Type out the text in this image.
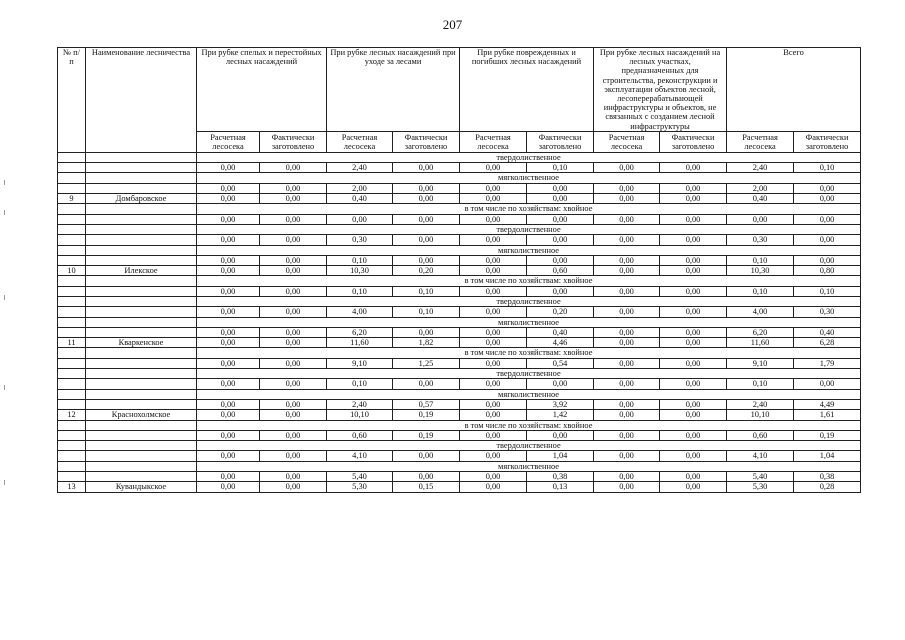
207
№ п/п	Наименование лесничества	При рубке спелых и перестойных лесных насаждений		При рубке лесных насаждений при уходе за лесами		При рубке поврежденных и погибших лесных насаждений		При рубке лесных насаждений на лесных участках, предназначенных для строительства, реконструкции и эксплуатации объектов лесной, лесоперерабатывающей инфраструктуры и объектов, не связанных с созданием лесной инфраструктуры		Всего	
		Расчетная лесосека	Фактически заготовлено	Расчетная лесосека	Фактически заготовлено	Расчетная лесосека	Фактически заготовлено	Расчетная лесосека	Фактически заготовлено	Расчетная лесосека	Фактически заготовлено
		твердолиственное									
		0,00	0,00	2,40	0,00	0,00	0,10	0,00	0,00	2,40	0,10
		мягколиственное									
		0,00	0,00	2,00	0,00	0,00	0,00	0,00	0,00	2,00	0,00
9	Домбаровское	0,00	0,00	0,40	0,00	0,00	0,00	0,00	0,00	0,40	0,00
		в том числе по хозяйствам: хвойное									
		0,00	0,00	0,00	0,00	0,00	0,00	0,00	0,00	0,00	0,00
		твердолиственное									
		0,00	0,00	0,30	0,00	0,00	0,00	0,00	0,00	0,30	0,00
		мягколиственное									
		0,00	0,00	0,10	0,00	0,00	0,00	0,00	0,00	0,10	0,00
10	Илекское	0,00	0,00	10,30	0,20	0,00	0,60	0,00	0,00	10,30	0,80
		в том числе по хозяйствам: хвойное									
		0,00	0,00	0,10	0,10	0,00	0,00	0,00	0,00	0,10	0,10
		твердолиственное									
		0,00	0,00	4,00	0,10	0,00	0,20	0,00	0,00	4,00	0,30
		мягколиственное									
		0,00	0,00	6,20	0,00	0,00	0,40	0,00	0,00	6,20	0,40
11	Кваркенское	0,00	0,00	11,60	1,82	0,00	4,46	0,00	0,00	11,60	6,28
		в том числе по хозяйствам: хвойное									
		0,00	0,00	9,10	1,25	0,00	0,54	0,00	0,00	9,10	1,79
		твердолиственное									
		0,00	0,00	0,10	0,00	0,00	0,00	0,00	0,00	0,10	0,00
		мягколиственное									
		0,00	0,00	2,40	0,57	0,00	3,92	0,00	0,00	2,40	4,49
12	Краснохолмское	0,00	0,00	10,10	0,19	0,00	1,42	0,00	0,00	10,10	1,61
		в том числе по хозяйствам: хвойное									
		0,00	0,00	0,60	0,19	0,00	0,00	0,00	0,00	0,60	0,19
		твердолиственное									
		0,00	0,00	4,10	0,00	0,00	1,04	0,00	0,00	4,10	1,04
		мягколиственное									
		0,00	0,00	5,40	0,00	0,00	0,38	0,00	0,00	5,40	0,38
13	Кувандыкское	0,00	0,00	5,30	0,15	0,00	0,13	0,00	0,00	5,30	0,28
